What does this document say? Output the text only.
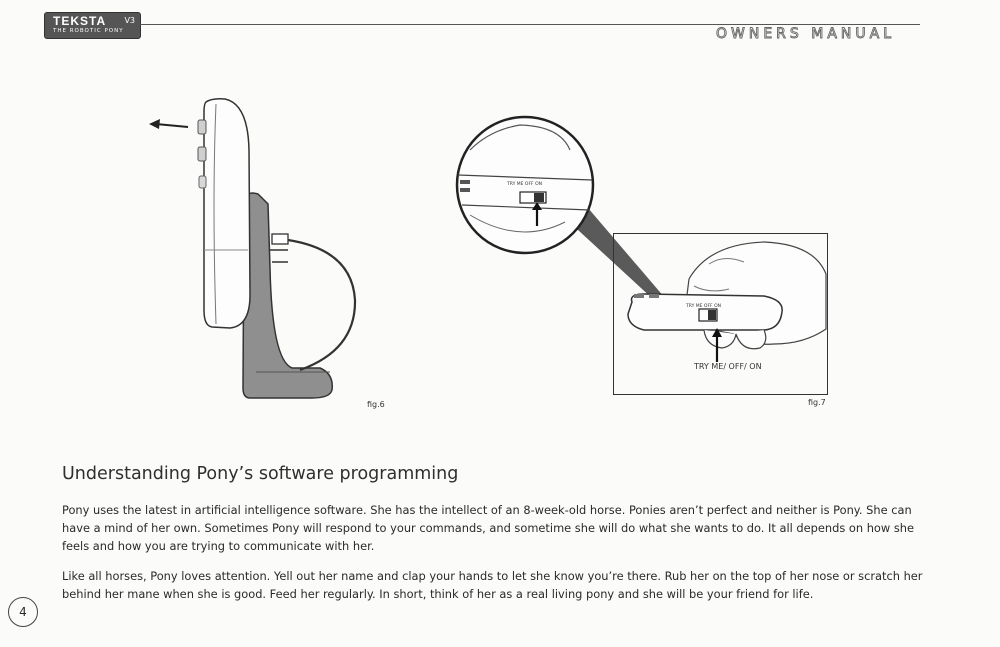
TEKSTA V3
THE ROBOTIC PONY	OWNERS MANUAL
fig.6
TRY ME OFF ON
TRY ME OFF ON
TRY ME/ OFF/ ON
fig.7
Understanding Pony’s software programming
Pony uses the latest in artificial intelligence software. She has the intellect of an 8-week-old horse. Ponies aren’t perfect and neither is Pony. She can
have a mind of her own. Sometimes Pony will respond to your commands, and sometime she will do what she wants to do. It all depends on how she
feels and how you are trying to communicate with her.
Like all horses, Pony loves attention. Yell out her name and clap your hands to let she know you’re there. Rub her on the top of her nose or scratch her
behind her mane when she is good. Feed her regularly. In short, think of her as a real living pony and she will be your friend for life.
4
